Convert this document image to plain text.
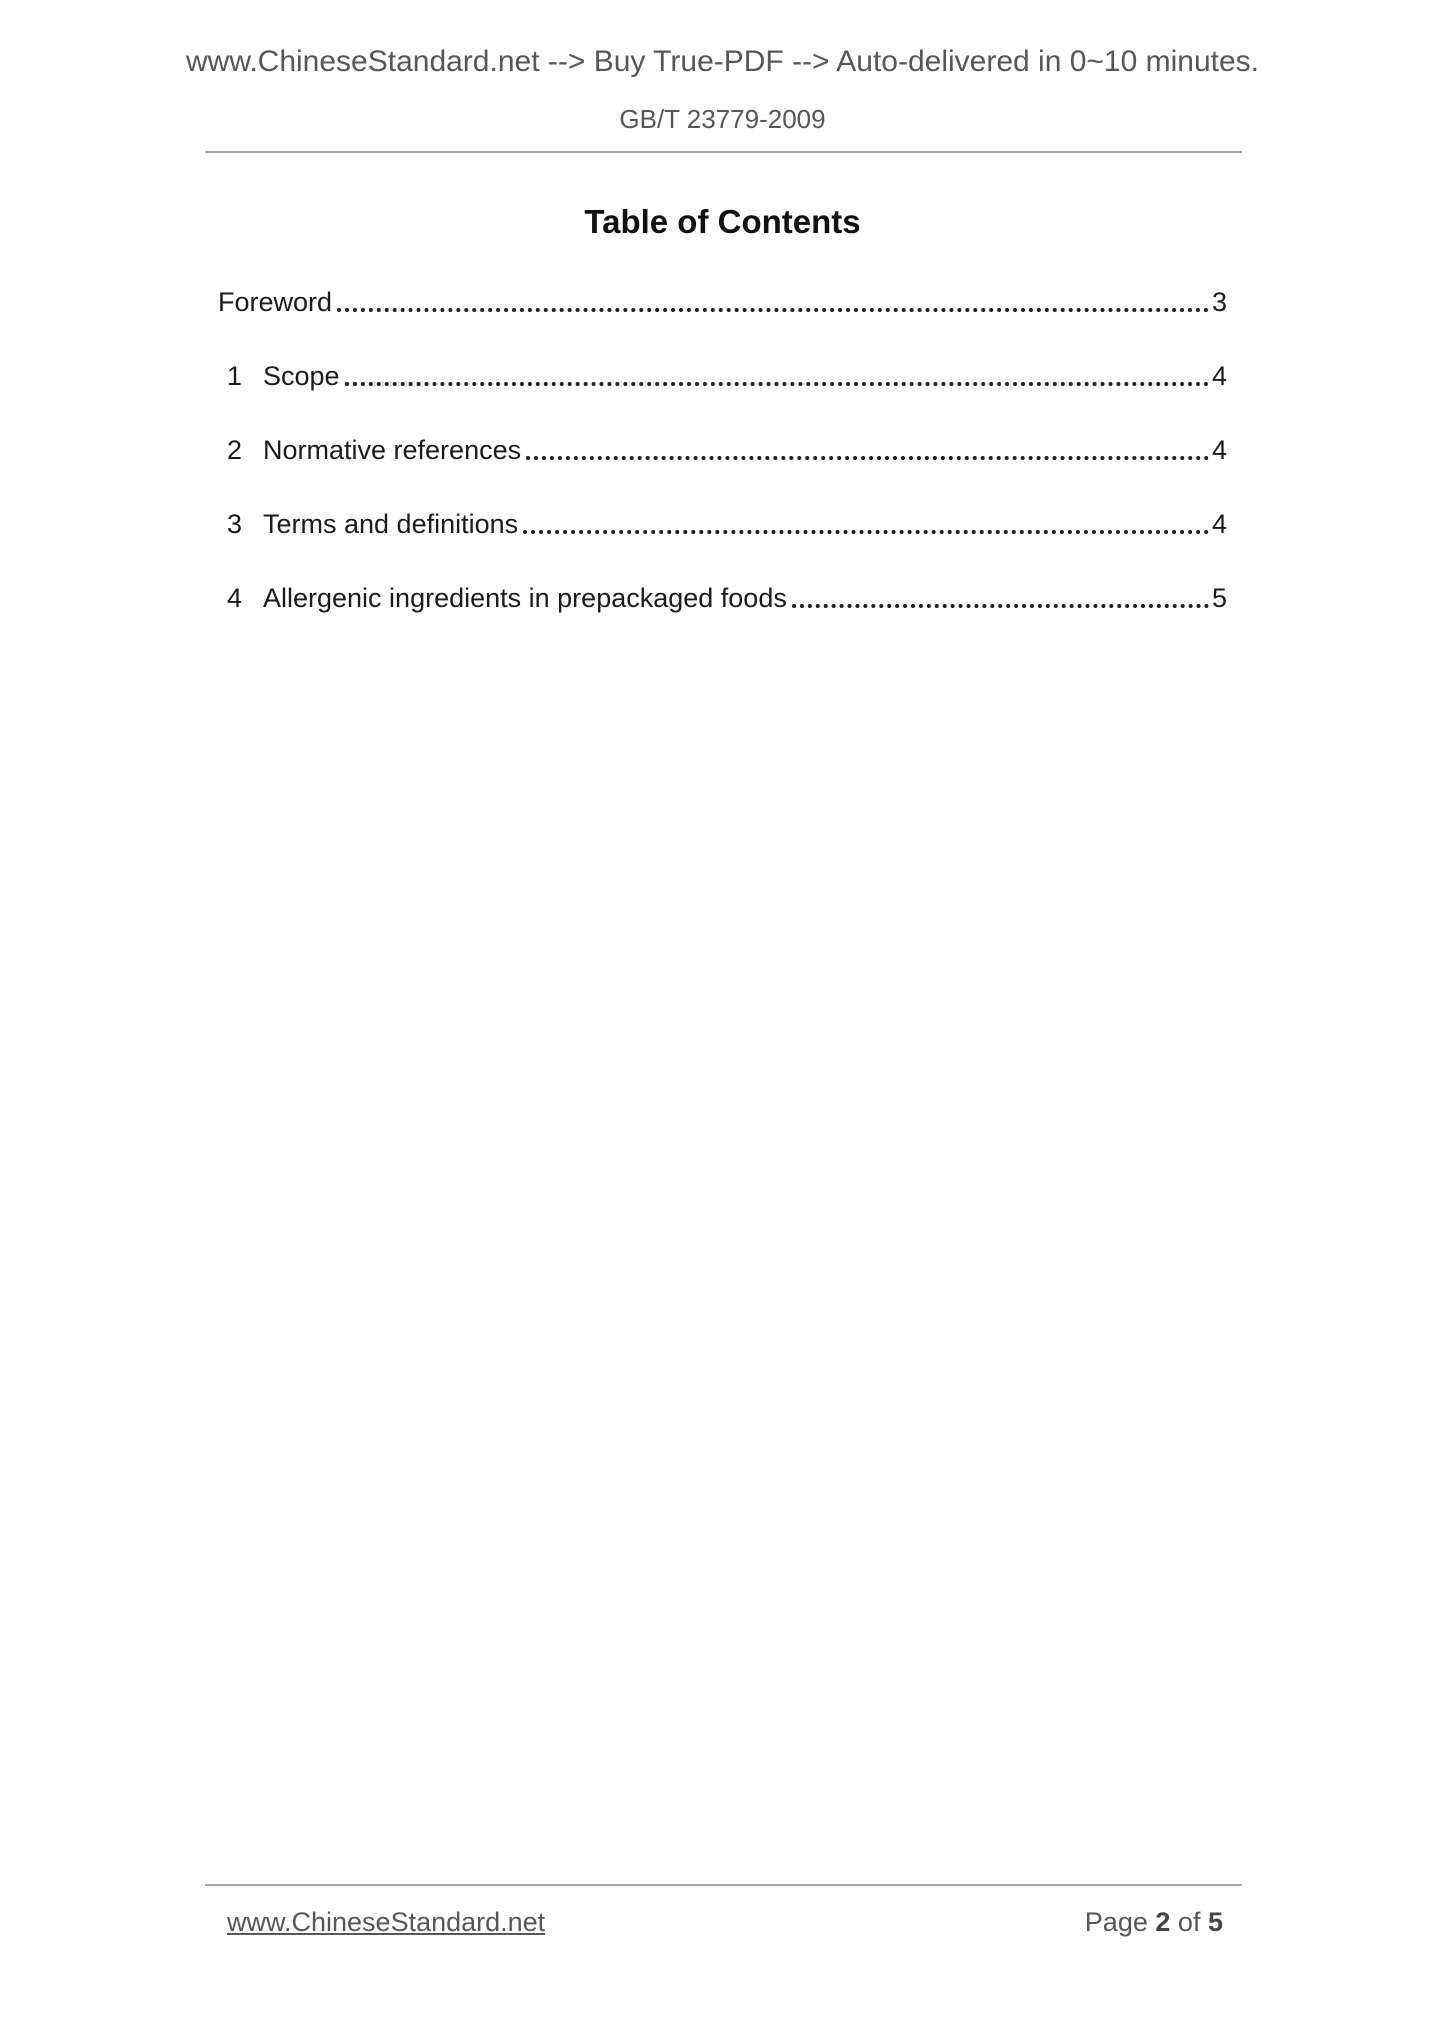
www.ChineseStandard.net --> Buy True-PDF --> Auto-delivered in 0~10 minutes.
GB/T 23779-2009
Table of Contents
Foreword	3
1 Scope	4
2 Normative references	4
3 Terms and definitions	4
4 Allergenic ingredients in prepackaged foods	5
www.ChineseStandard.net	Page 2 of 5
